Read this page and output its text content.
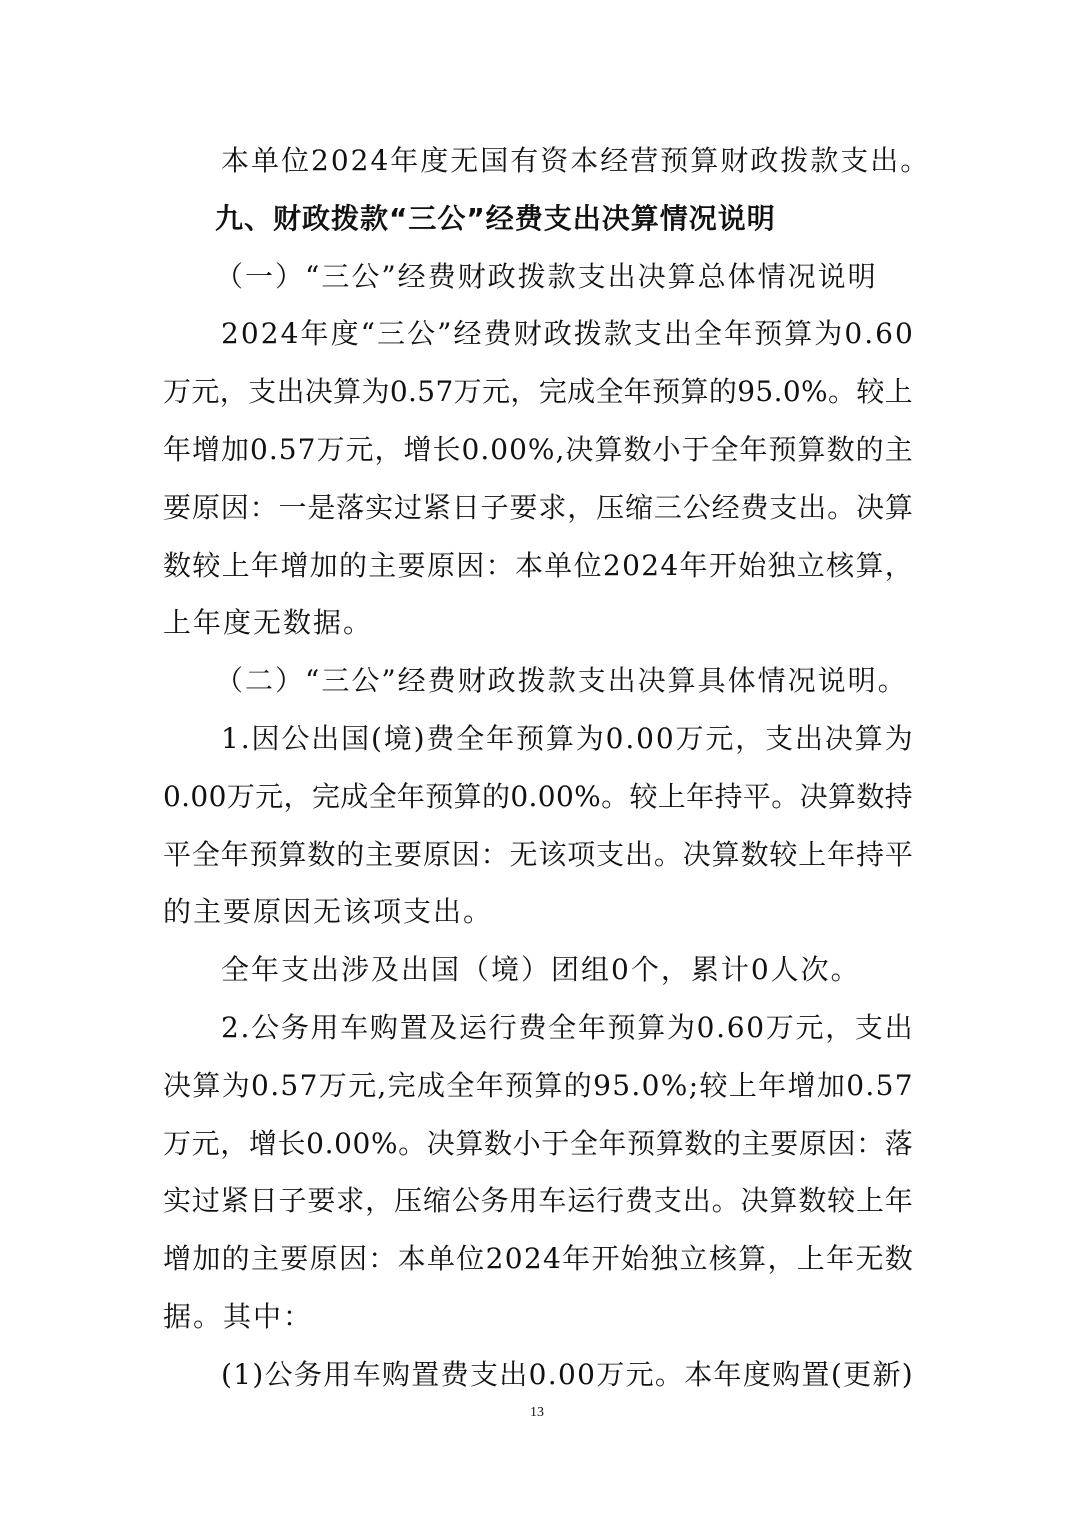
本单位2024年度无国有资本经营预算财政拨款支出。
九、财政拨款“三公”经费支出决算情况说明
（一）“三公”经费财政拨款支出决算总体情况说明
2 0 2 4 年 度 “ 三 公 ” 经 费 财 政 拨 款 支 出 全 年 预 算 为 0 . 6 0
万 元 ， 支 出 决 算 为 0 . 5 7 万 元 ， 完 成 全 年 预 算 的 9 5 . 0 % 。 较 上
年 增 加 0 . 5 7 万 元 ， 增 长 0 . 0 0 % , 决 算 数 小 于 全 年 预 算 数 的 主
要 原 因 ： 一 是 落 实 过 紧 日 子 要 求 ， 压 缩 三 公 经 费 支 出 。 决 算
数 较 上 年 增 加 的 主 要 原 因 ： 本 单 位 2 0 2 4 年 开 始 独 立 核 算 ，
上年度无数据。
（二）“三公”经费财政拨款支出决算具体情况说明。
1 . 因 公 出 国 ( 境 ) 费 全 年 预 算 为 0 . 0 0 万 元 ， 支 出 决 算 为
0 . 0 0 万 元 ， 完 成 全 年 预 算 的 0 . 0 0 % 。 较 上 年 持 平 。 决 算 数 持
平 全 年 预 算 数 的 主 要 原 因 ： 无 该 项 支 出 。 决 算 数 较 上 年 持 平
的主要原因无该项支出。
全年支出涉及出国（境）团组0个，累计0人次。
2 . 公 务 用 车 购 置 及 运 行 费 全 年 预 算 为 0 . 6 0 万 元 ， 支 出
决 算 为 0 . 5 7 万 元 , 完 成 全 年 预 算 的 9 5 . 0 % ; 较 上 年 增 加 0 . 5 7
万 元 ， 增 长 0 . 0 0 % 。 决 算 数 小 于 全 年 预 算 数 的 主 要 原 因 ： 落
实 过 紧 日 子 要 求 ， 压 缩 公 务 用 车 运 行 费 支 出 。 决 算 数 较 上 年
增 加 的 主 要 原 因 ： 本 单 位 2 0 2 4 年 开 始 独 立 核 算 ， 上 年 无 数
据。其中：
( 1 ) 公 务 用 车 购 置 费 支 出 0 . 0 0 万 元 。 本 年 度 购 置 ( 更 新 )
13
